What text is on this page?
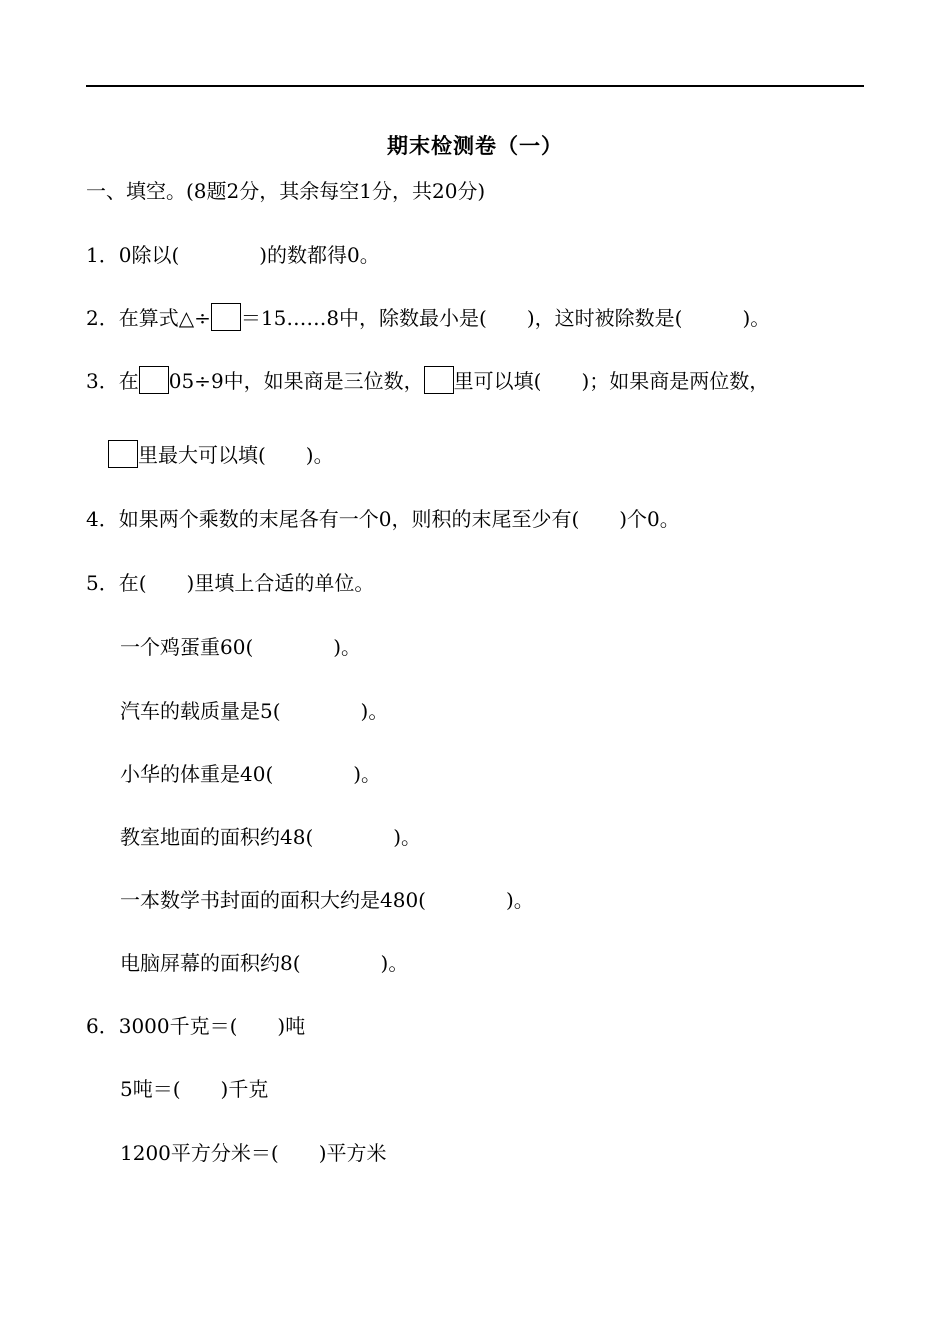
期末检测卷（一）
一、填空。(8题2分，其余每空1分，共20分)
1．0除以(　　　　)的数都得0。
2．在算式△÷ ＝15……8中，除数最小是(　　)，这时被除数是(　　　)。
3．在 05÷9中，如果商是三位数， 里可以填(　　)；如果商是两位数，
里最大可以填(　　)。
4．如果两个乘数的末尾各有一个0，则积的末尾至少有(　　)个0。
5．在(　　)里填上合适的单位。
一个鸡蛋重60(　　　　)。
汽车的载质量是5(　　　　)。
小华的体重是40(　　　　)。
教室地面的面积约48(　　　　)。
一本数学书封面的面积大约是480(　　　　)。
电脑屏幕的面积约8(　　　　)。
6．3000千克＝(　　)吨
5吨＝(　　)千克
1200平方分米＝(　　)平方米
